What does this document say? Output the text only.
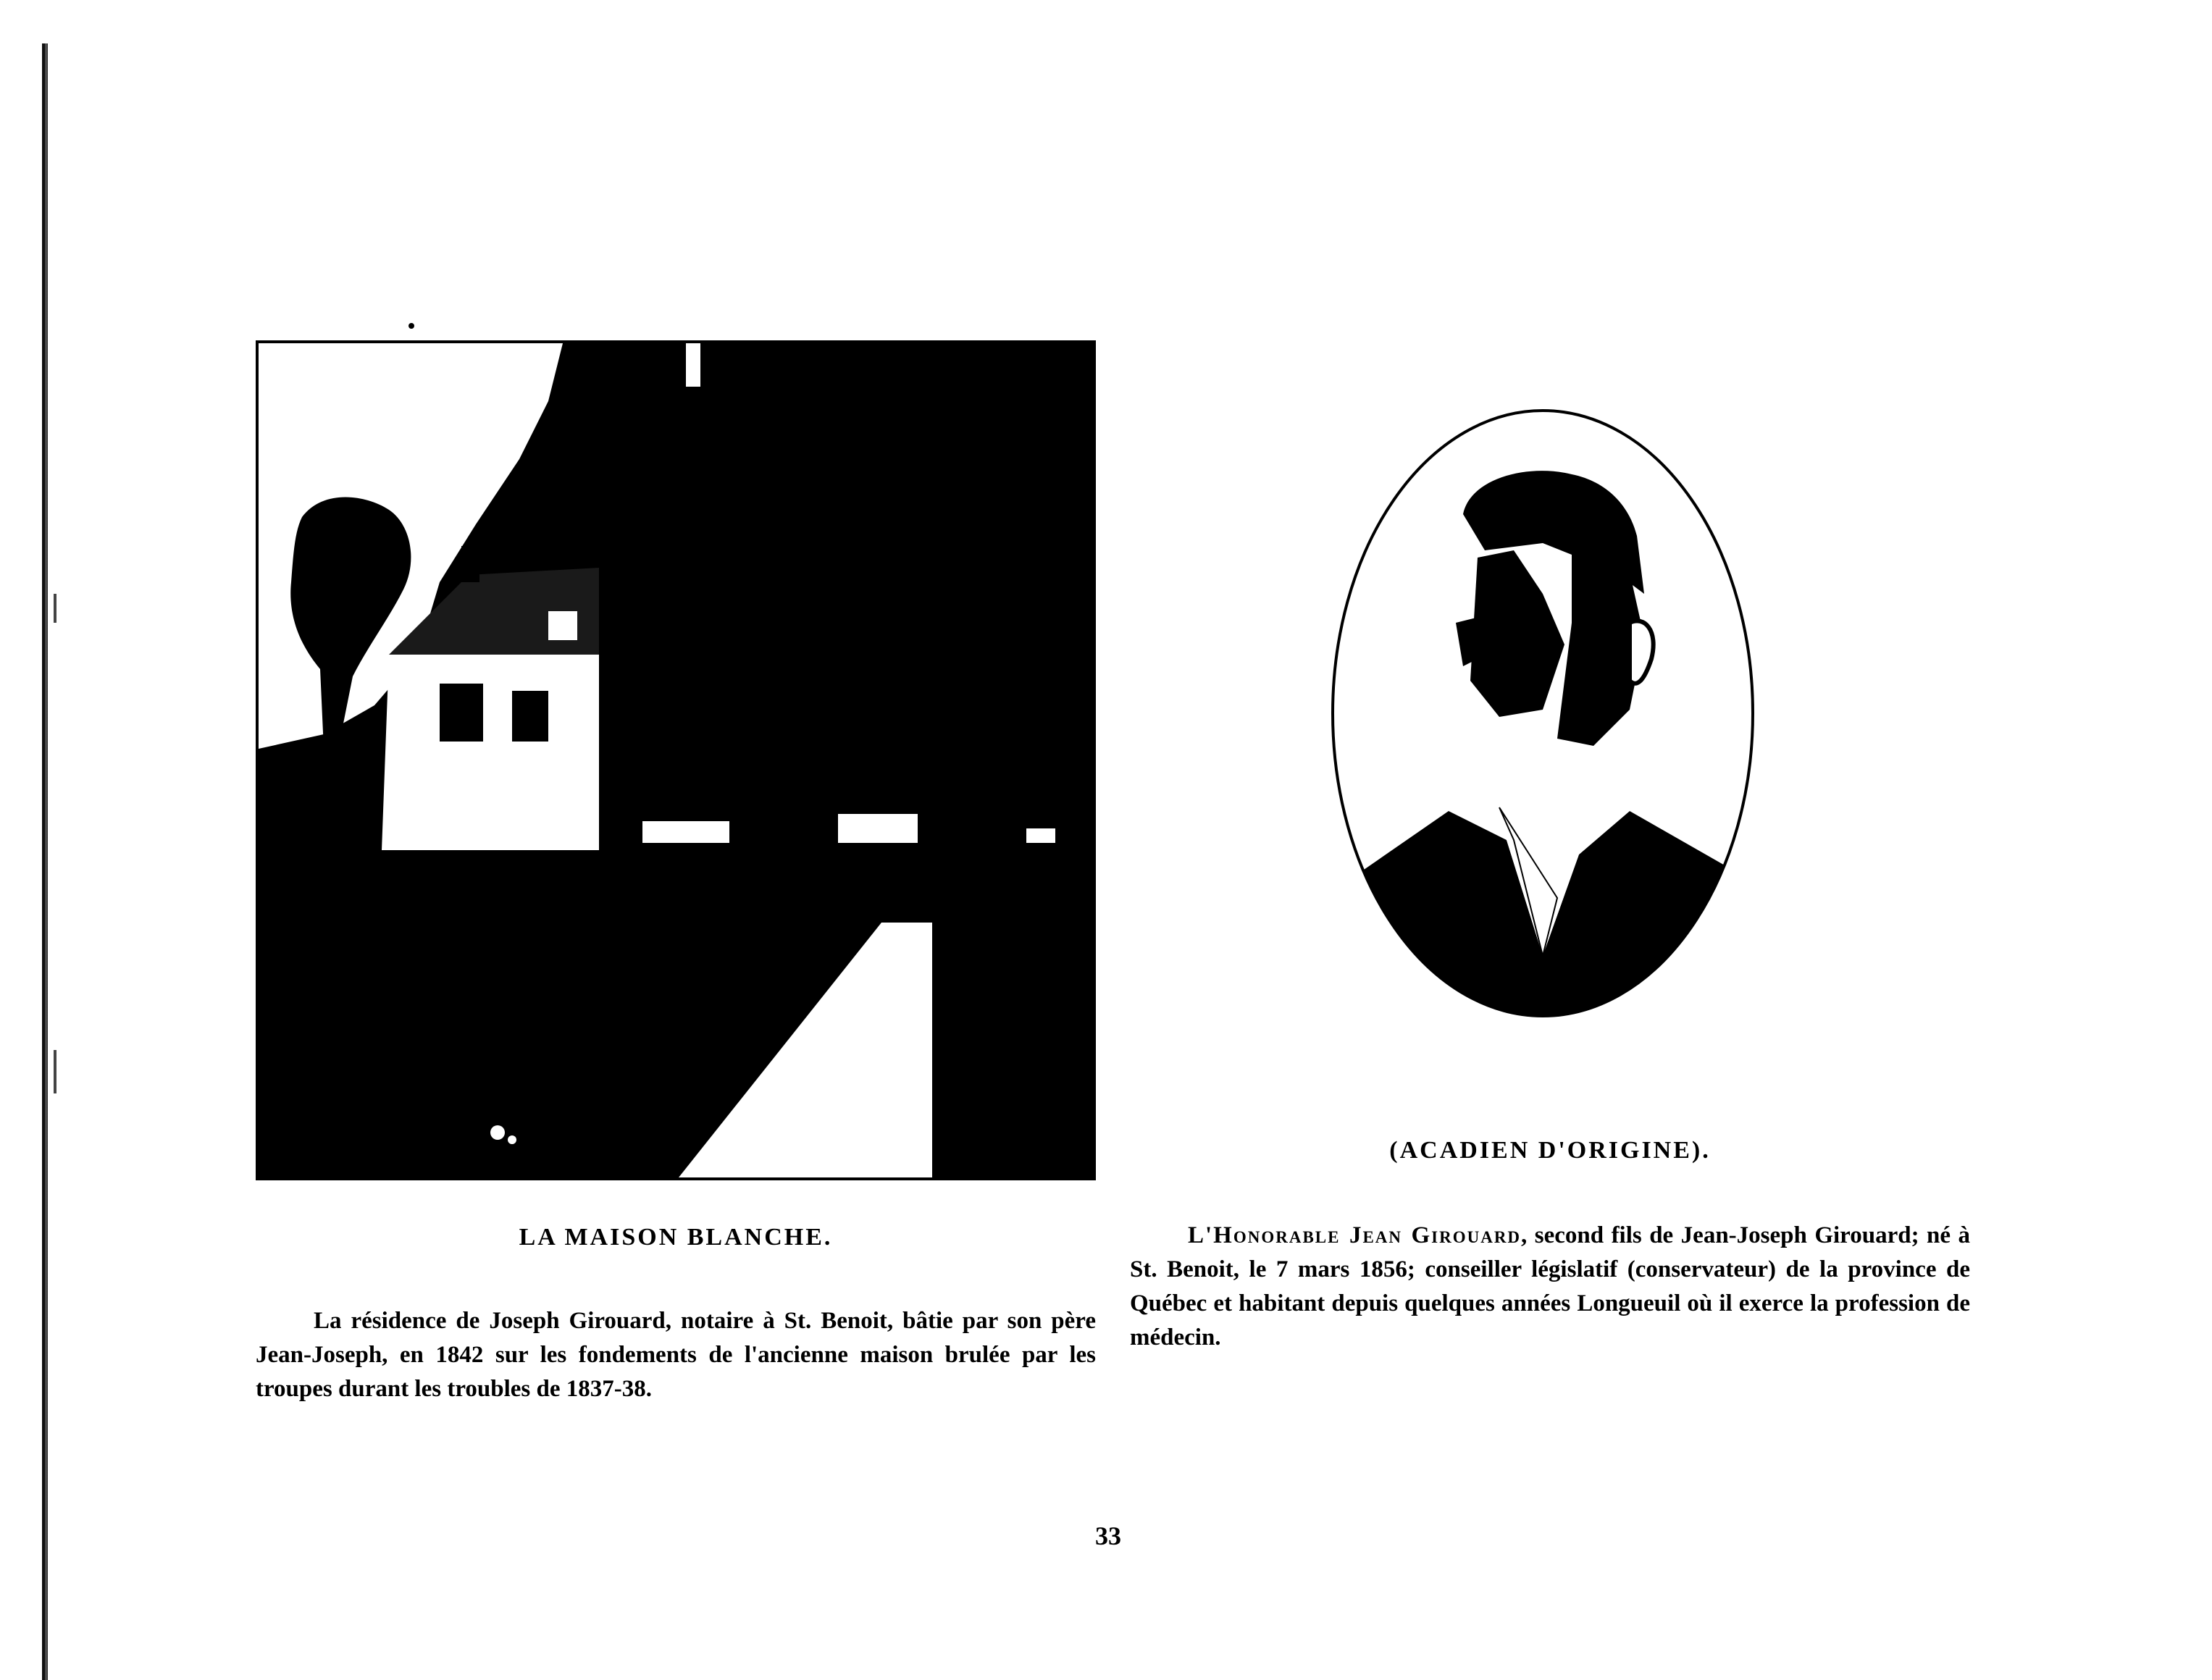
LA MAISON BLANCHE.

La résidence de Joseph Girouard, notaire à St. Benoit, bâtie par son père Jean-Joseph, en 1842 sur les fondements de l'ancienne maison brulée par les troupes durant les troubles de 1837-38.

(ACADIEN D'ORIGINE).

L'Honorable Jean Girouard, second fils de Jean-Joseph Girouard; né à St. Benoit, le 7 mars 1856; conseiller législatif (conservateur) de la province de Québec et habitant depuis quelques années Longueuil où il exerce la profession de médecin.

33
